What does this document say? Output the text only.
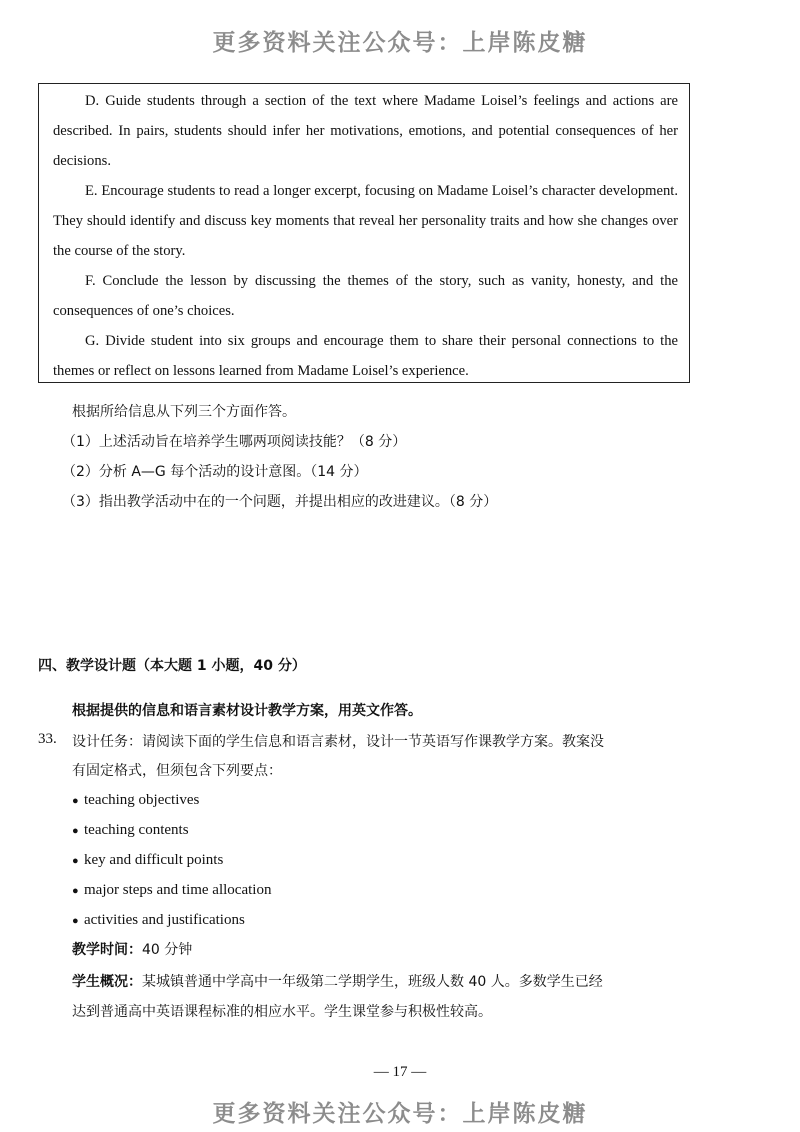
更多资料关注公众号：上岸陈皮糖

D. Guide students through a section of the text where Madame Loisel’s feelings and actions are described. In pairs, students should infer her motivations, emotions, and potential consequences of her decisions.

E. Encourage students to read a longer excerpt, focusing on Madame Loisel’s character development. They should identify and discuss key moments that reveal her personality traits and how she changes over the course of the story.

F. Conclude the lesson by discussing the themes of the story, such as vanity, honesty, and the consequences of one’s choices.

G. Divide student into six groups and encourage them to share their personal connections to the themes or reflect on lessons learned from Madame Loisel’s experience.

根据所给信息从下列三个方面作答。
（1）上述活动旨在培养学生哪两项阅读技能？（8 分）
（2）分析 A—G 每个活动的设计意图。（14 分）
（3）指出教学活动中在的一个问题，并提出相应的改进建议。（8 分）
四、教学设计题（本大题 1 小题，40 分）
根据提供的信息和语言素材设计教学方案，用英文作答。
33. 设计任务：请阅读下面的学生信息和语言素材，设计一节英语写作课教学方案。教案没
有固定格式，但须包含下列要点：
● teaching objectives
● teaching contents
● key and difficult points
● major steps and time allocation
● activities and justifications
教学时间：40 分钟
学生概况：某城镇普通中学高中一年级第二学期学生，班级人数 40 人。多数学生已经
达到普通高中英语课程标准的相应水平。学生课堂参与积极性较高。
— 17 —
更多资料关注公众号：上岸陈皮糖
